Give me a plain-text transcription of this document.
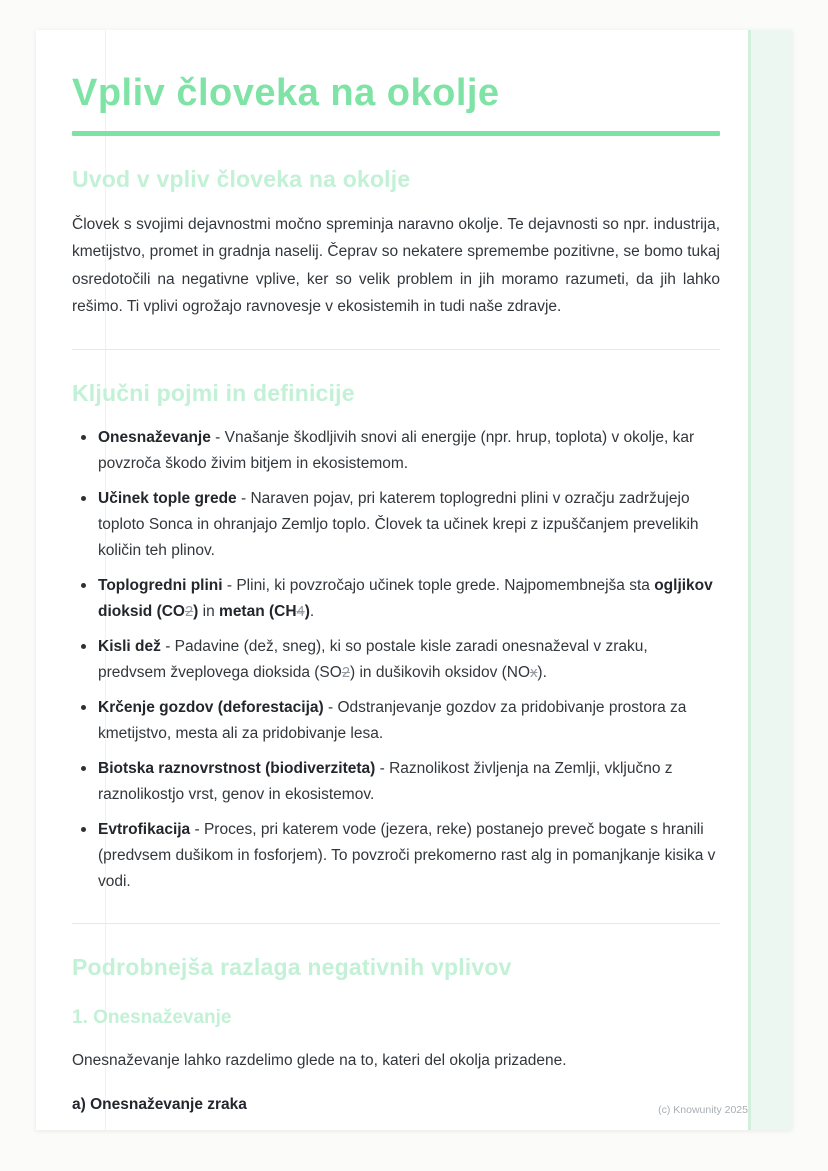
Vpliv človeka na okolje
Uvod v vpliv človeka na okolje

Človek s svojimi dejavnostmi močno spreminja naravno okolje. Te dejavnosti so npr. industrija, kmetijstvo, promet in gradnja naselij. Čeprav so nekatere spremembe pozitivne, se bomo tukaj osredotočili na negativne vplive, ker so velik problem in jih moramo razumeti, da jih lahko rešimo. Ti vplivi ogrožajo ravnovesje v ekosistemih in tudi naše zdravje.

Ključni pojmi in definicije
Onesnaževanje - Vnašanje škodljivih snovi ali energije (npr. hrup, toplota) v okolje, kar povzroča škodo živim bitjem in ekosistemom.
Učinek tople grede - Naraven pojav, pri katerem toplogredni plini v ozračju zadržujejo toploto Sonca in ohranjajo Zemljo toplo. Človek ta učinek krepi z izpuščanjem prevelikih količin teh plinov.
Toplogredni plini - Plini, ki povzročajo učinek tople grede. Najpomembnejša sta ogljikov dioksid (CO2) in metan (CH4).
Kisli dež - Padavine (dež, sneg), ki so postale kisle zaradi onesnaževal v zraku, predvsem žveplovega dioksida (SO2) in dušikovih oksidov (NOx).
Krčenje gozdov (deforestacija) - Odstranjevanje gozdov za pridobivanje prostora za kmetijstvo, mesta ali za pridobivanje lesa.
Biotska raznovrstnost (biodiverziteta) - Raznolikost življenja na Zemlji, vključno z raznolikostjo vrst, genov in ekosistemov.
Evtrofikacija - Proces, pri katerem vode (jezera, reke) postanejo preveč bogate s hranili (predvsem dušikom in fosforjem). To povzroči prekomerno rast alg in pomanjkanje kisika v vodi.
Podrobnejša razlaga negativnih vplivov
1. Onesnaževanje

Onesnaževanje lahko razdelimo glede na to, kateri del okolja prizadene.

a) Onesnaževanje zraka	(c) Knowunity 2025
